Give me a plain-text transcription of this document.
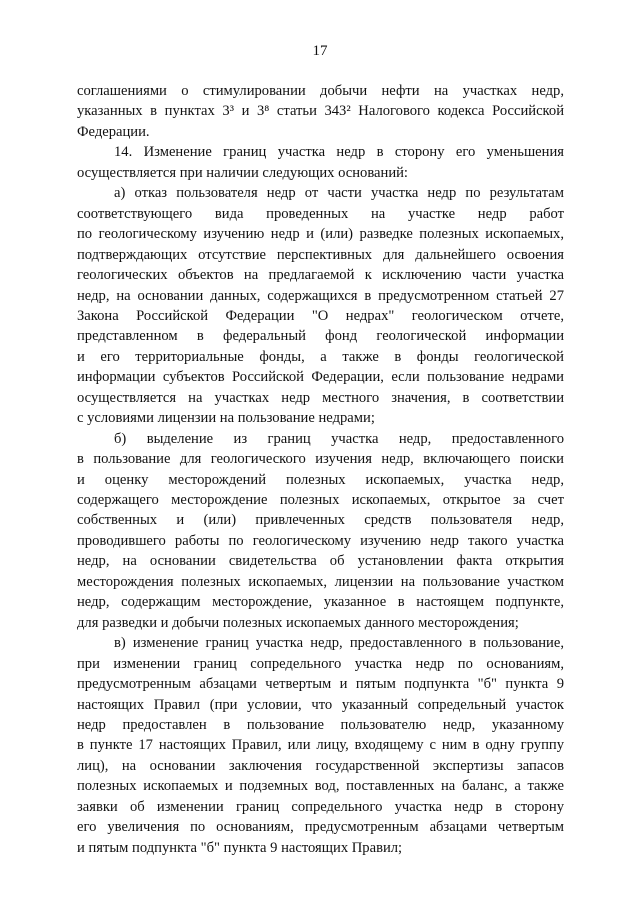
17
соглашениями о стимулировании добычи нефти на участках недр,
указанных в пунктах 3³ и 3⁸ статьи 343² Налогового кодекса Российской
Федерации.
14. Изменение границ участка недр в сторону его уменьшения
осуществляется при наличии следующих оснований:
а) отказ пользователя недр от части участка недр по результатам
соответствующего вида проведенных на участке недр работ
по геологическому изучению недр и (или) разведке полезных ископаемых,
подтверждающих отсутствие перспективных для дальнейшего освоения
геологических объектов на предлагаемой к исключению части участка
недр, на основании данных, содержащихся в предусмотренном статьей 27
Закона Российской Федерации "О недрах" геологическом отчете,
представленном в федеральный фонд геологической информации
и его территориальные фонды, а также в фонды геологической
информации субъектов Российской Федерации, если пользование недрами
осуществляется на участках недр местного значения, в соответствии
с условиями лицензии на пользование недрами;
б) выделение из границ участка недр, предоставленного
в пользование для геологического изучения недр, включающего поиски
и оценку месторождений полезных ископаемых, участка недр,
содержащего месторождение полезных ископаемых, открытое за счет
собственных и (или) привлеченных средств пользователя недр,
проводившего работы по геологическому изучению недр такого участка
недр, на основании свидетельства об установлении факта открытия
месторождения полезных ископаемых, лицензии на пользование участком
недр, содержащим месторождение, указанное в настоящем подпункте,
для разведки и добычи полезных ископаемых данного месторождения;
в) изменение границ участка недр, предоставленного в пользование,
при изменении границ сопредельного участка недр по основаниям,
предусмотренным абзацами четвертым и пятым подпункта "б" пункта 9
настоящих Правил (при условии, что указанный сопредельный участок
недр предоставлен в пользование пользователю недр, указанному
в пункте 17 настоящих Правил, или лицу, входящему с ним в одну группу
лиц), на основании заключения государственной экспертизы запасов
полезных ископаемых и подземных вод, поставленных на баланс, а также
заявки об изменении границ сопредельного участка недр в сторону
его увеличения по основаниям, предусмотренным абзацами четвертым
и пятым подпункта "б" пункта 9 настоящих Правил;
